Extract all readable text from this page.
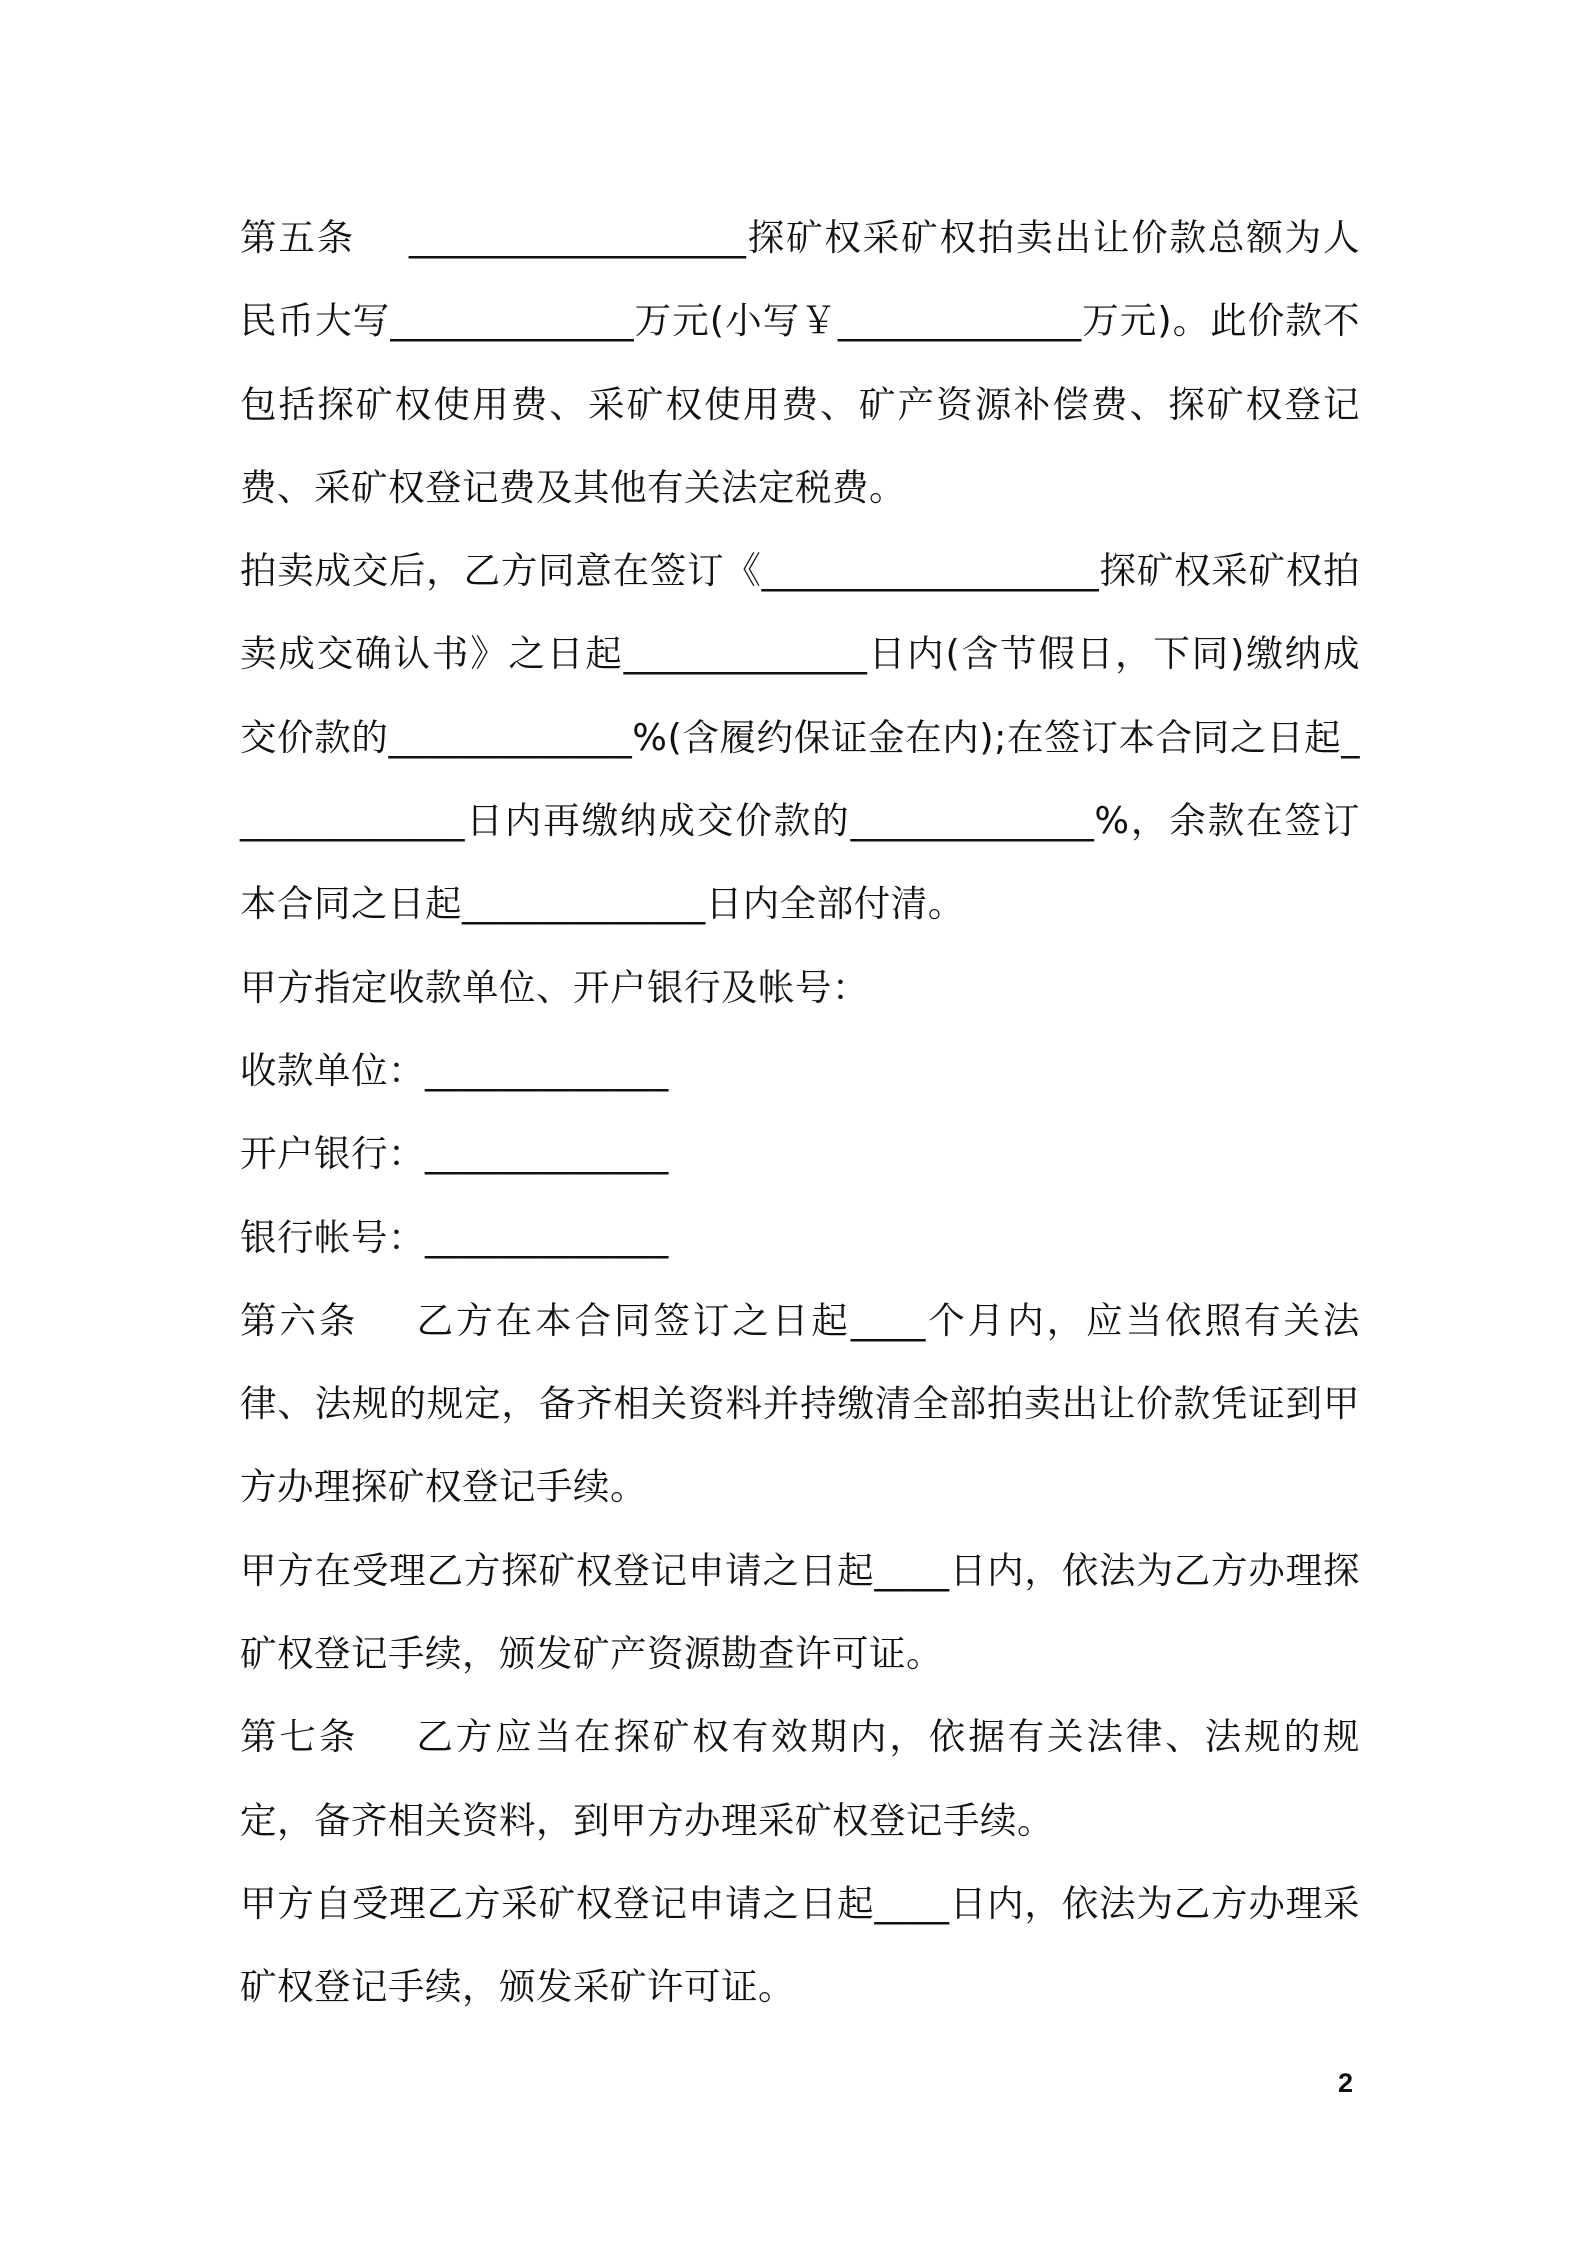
第五条    __________________探矿权采矿权拍卖出让价款总额为人民币大写_____________万元(小写￥_____________万元)。此价款不包括探矿权使用费、采矿权使用费、矿产资源补偿费、探矿权登记费、采矿权登记费及其他有关法定税费。

拍卖成交后，乙方同意在签订《__________________探矿权采矿权拍卖成交确认书》之日起_____________日内(含节假日，下同)缴纳成交价款的_____________%(含履约保证金在内);在签订本合同之日起_____________日内再缴纳成交价款的_____________%，余款在签订本合同之日起_____________日内全部付清。

甲方指定收款单位、开户银行及帐号：

收款单位：_____________

开户银行：_____________

银行帐号：_____________

第六条    乙方在本合同签订之日起____个月内，应当依照有关法律、法规的规定，备齐相关资料并持缴清全部拍卖出让价款凭证到甲方办理探矿权登记手续。

甲方在受理乙方探矿权登记申请之日起____日内，依法为乙方办理探矿权登记手续，颁发矿产资源勘查许可证。

第七条    乙方应当在探矿权有效期内，依据有关法律、法规的规定，备齐相关资料，到甲方办理采矿权登记手续。

甲方自受理乙方采矿权登记申请之日起____日内，依法为乙方办理采矿权登记手续，颁发采矿许可证。

2
